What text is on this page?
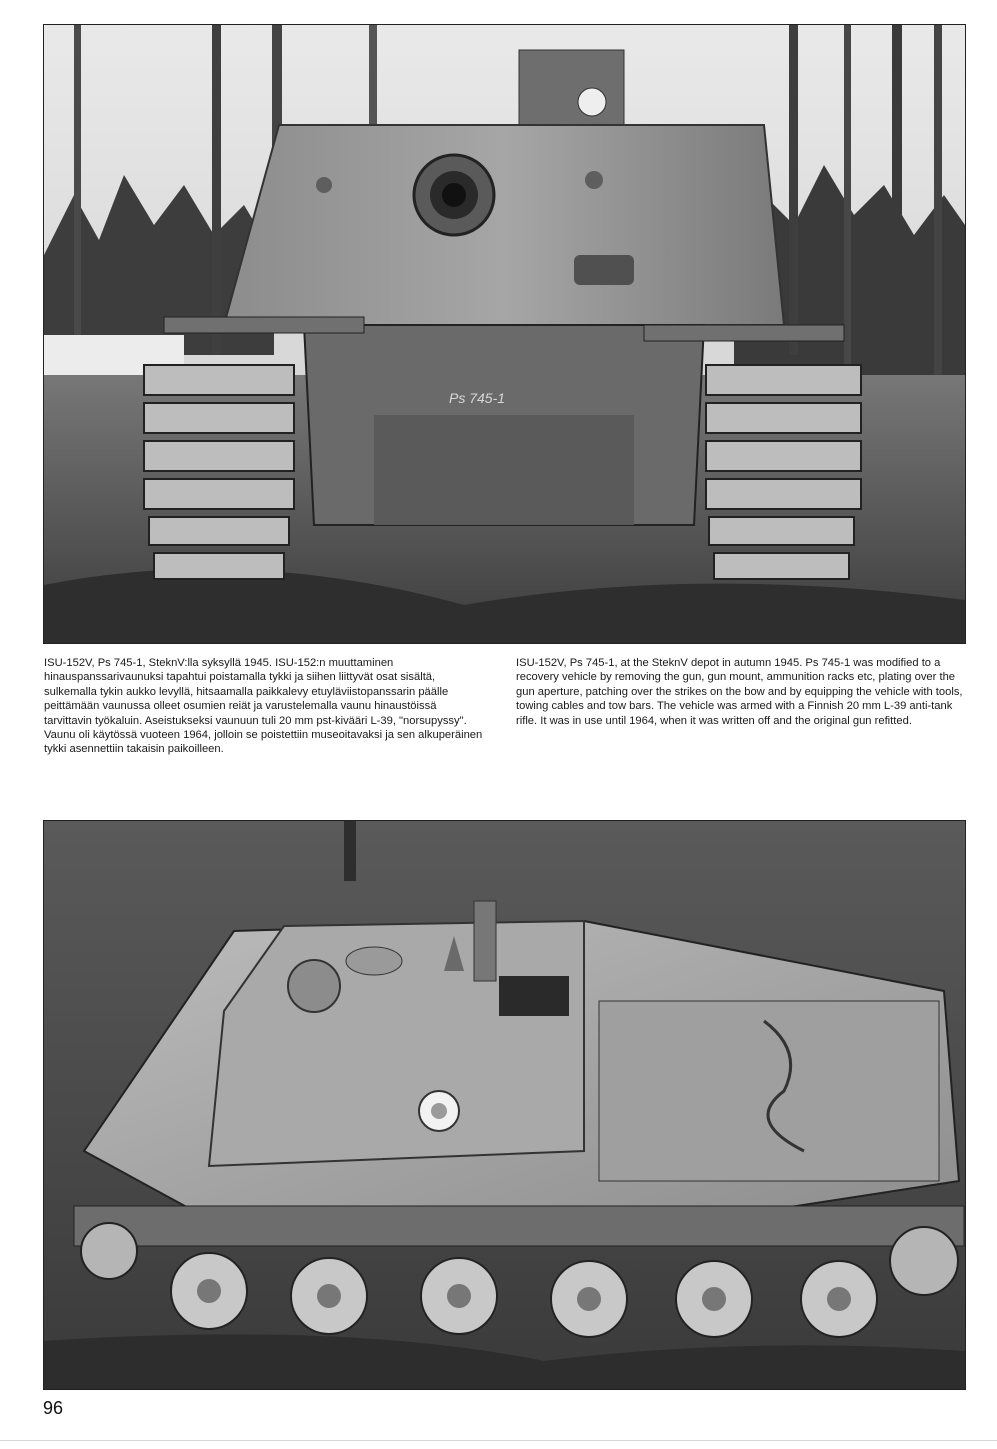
Ps 745-1
ISU-152V, Ps 745-1, SteknV:lla syksyllä 1945. ISU-152:n muuttaminen hinauspanssarivaunuksi tapahtui poistamalla tykki ja siihen liittyvät osat sisältä, sulkemalla tykin aukko levyllä, hitsaamalla paikkalevy etuyläviistopanssarin päälle peittämään vaunussa olleet osumien reiät ja varustelemalla vaunu hinaustöissä tarvittavin työkaluin. Aseistukseksi vaunuun tuli 20 mm pst-kivääri L-39, "norsupyssy". Vaunu oli käytössä vuoteen 1964, jolloin se poistettiin museoitavaksi ja sen alkuperäinen tykki asennettiin takaisin paikoilleen.
ISU-152V, Ps 745-1, at the SteknV depot in autumn 1945. Ps 745-1 was modified to a recovery vehicle by removing the gun, gun mount, ammunition racks etc, plating over the gun aperture, patching over the strikes on the bow and by equipping the vehicle with tools, towing cables and tow bars. The vehicle was armed with a Finnish 20 mm L-39 anti-tank rifle. It was in use until 1964, when it was written off and the original gun refitted.
96
